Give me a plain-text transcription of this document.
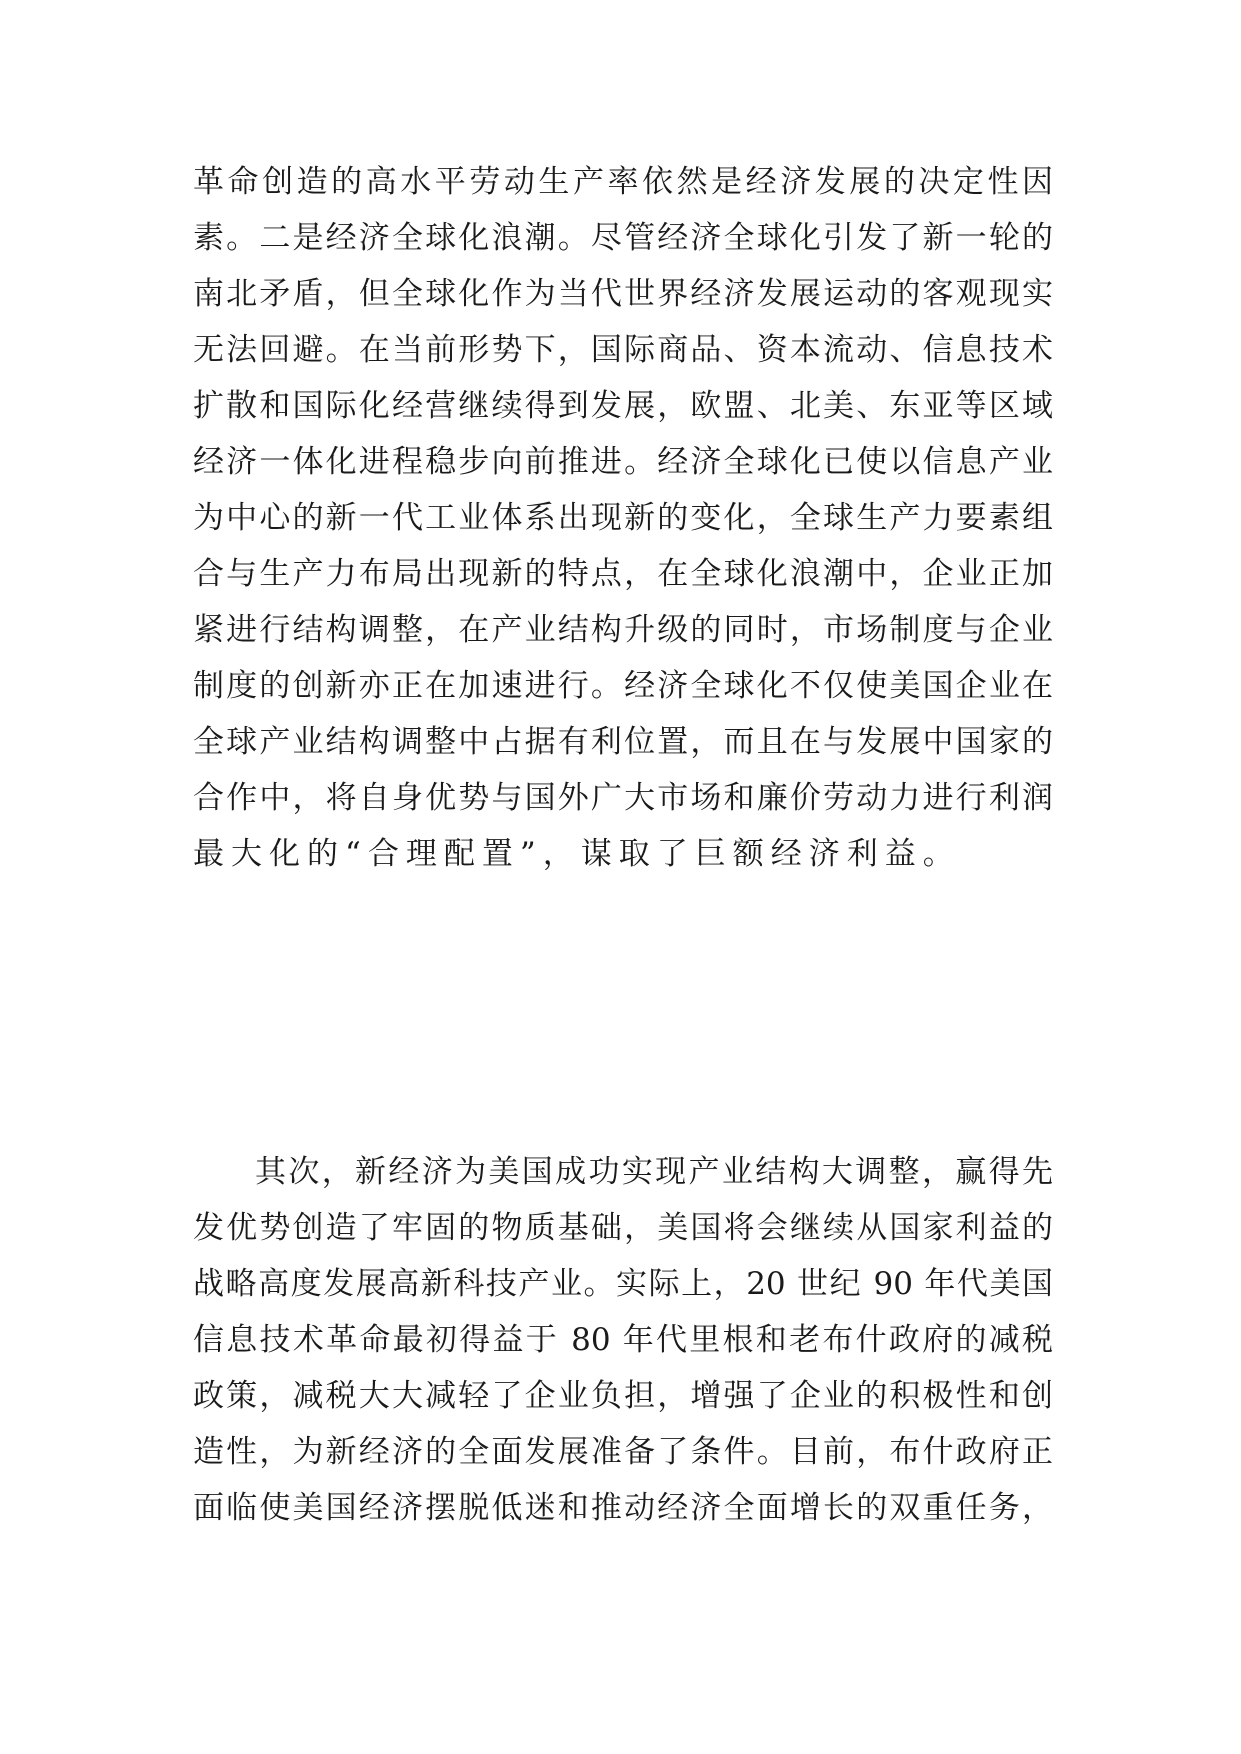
革命创造的高水平劳动生产率依然是经济发展的决定性因
素。二是经济全球化浪潮。尽管经济全球化引发了新一轮的
南北矛盾，但全球化作为当代世界经济发展运动的客观现实
无法回避。在当前形势下，国际商品、资本流动、信息技术
扩散和国际化经营继续得到发展，欧盟、北美、东亚等区域
经济一体化进程稳步向前推进。经济全球化已使以信息产业
为中心的新一代工业体系出现新的变化，全球生产力要素组
合与生产力布局出现新的特点，在全球化浪潮中，企业正加
紧进行结构调整，在产业结构升级的同时，市场制度与企业
制度的创新亦正在加速进行。经济全球化不仅使美国企业在
全球产业结构调整中占据有利位置，而且在与发展中国家的
合作中，将自身优势与国外广大市场和廉价劳动力进行利润
最大化的“合理配置”，谋取了巨额经济利益。
其次，新经济为美国成功实现产业结构大调整，赢得先
发优势创造了牢固的物质基础，美国将会继续从国家利益的
战略高度发展高新科技产业。实际上，20 世纪 90 年代美国
信息技术革命最初得益于 80 年代里根和老布什政府的减税
政策，减税大大减轻了企业负担，增强了企业的积极性和创
造性，为新经济的全面发展准备了条件。目前，布什政府正
面临使美国经济摆脱低迷和推动经济全面增长的双重任务，
